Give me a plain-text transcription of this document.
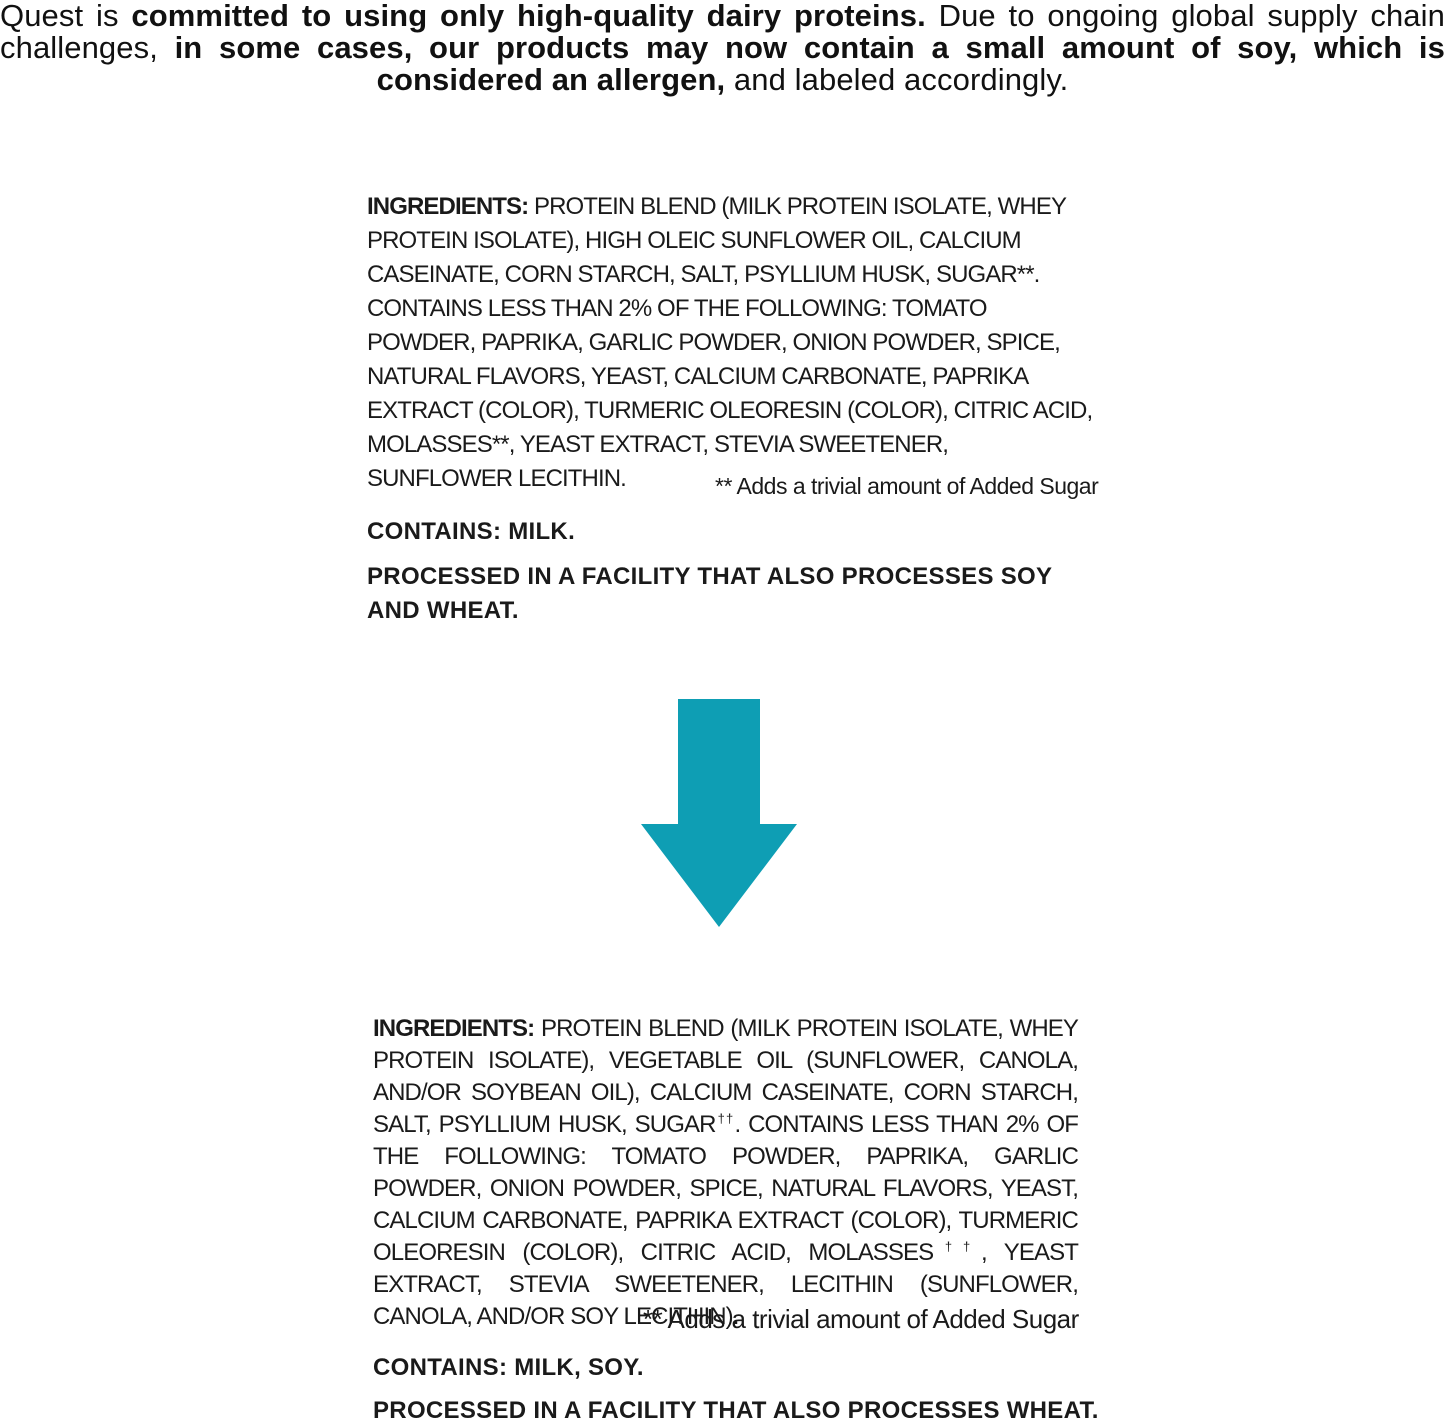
Quest is committed to using only high-quality dairy proteins. Due to ongoing global supply chain challenges, in some cases, our products may now contain a small amount of soy, which is considered an allergen, and labeled accordingly.
INGREDIENTS: PROTEIN BLEND (MILK PROTEIN ISOLATE, WHEY PROTEIN ISOLATE), HIGH OLEIC SUNFLOWER OIL, CALCIUM CASEINATE, CORN STARCH, SALT, PSYLLIUM HUSK, SUGAR**. CONTAINS LESS THAN 2% OF THE FOLLOWING: TOMATO POWDER, PAPRIKA, GARLIC POWDER, ONION POWDER, SPICE, NATURAL FLAVORS, YEAST, CALCIUM CARBONATE, PAPRIKA EXTRACT (COLOR), TURMERIC OLEORESIN (COLOR), CITRIC ACID, MOLASSES**, YEAST EXTRACT, STEVIA SWEETENER, SUNFLOWER LECITHIN.	** Adds a trivial amount of Added Sugar
CONTAINS: MILK.
PROCESSED IN A FACILITY THAT ALSO PROCESSES SOY AND WHEAT.
INGREDIENTS: PROTEIN BLEND (MILK PROTEIN ISOLATE, WHEY PROTEIN ISOLATE), VEGETABLE OIL (SUNFLOWER, CANOLA, AND/OR SOYBEAN OIL), CALCIUM CASEINATE, CORN STARCH, SALT, PSYLLIUM HUSK, SUGAR††. CONTAINS LESS THAN 2% OF THE FOLLOWING: TOMATO POWDER, PAPRIKA, GARLIC POWDER, ONION POWDER, SPICE, NATURAL FLAVORS, YEAST, CALCIUM CARBONATE, PAPRIKA EXTRACT (COLOR), TURMERIC OLEORESIN (COLOR), CITRIC ACID, MOLASSES††, YEAST EXTRACT, STEVIA SWEETENER, LECITHIN (SUNFLOWER, CANOLA, AND/OR SOY LECITHIN).
** Adds a trivial amount of Added Sugar
CONTAINS: MILK, SOY.
PROCESSED IN A FACILITY THAT ALSO PROCESSES WHEAT.
